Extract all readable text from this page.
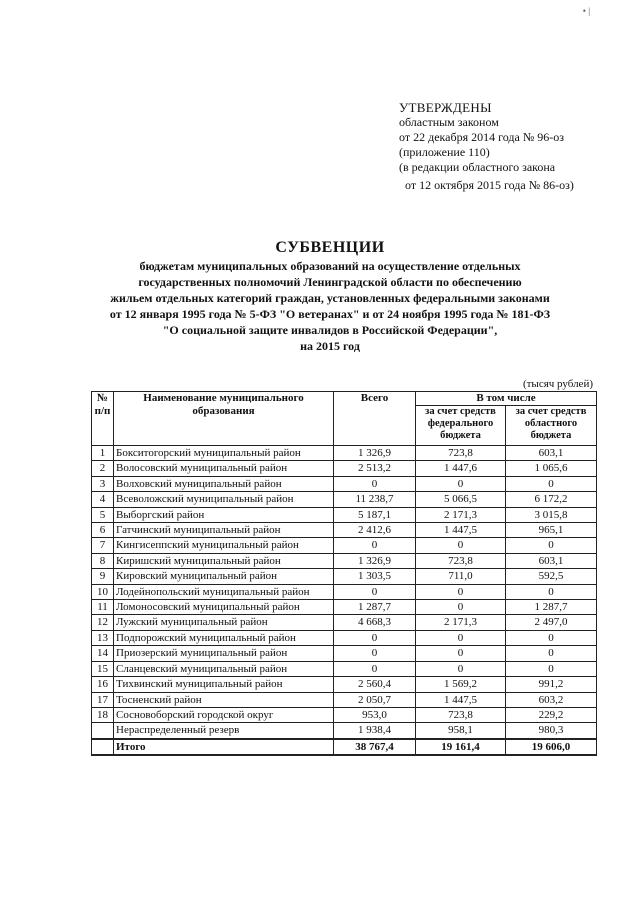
• |
УТВЕРЖДЕНЫ
областным законом
от 22 декабря 2014 года № 96-оз
(приложение 110)
(в редакции областного закона
от 12 октября 2015 года № 86-оз)
СУБВЕНЦИИ
бюджетам муниципальных образований на осуществление отдельных
государственных полномочий Ленинградской области по обеспечению
жильем отдельных категорий граждан, установленных федеральными законами
от 12 января 1995 года № 5-ФЗ "О ветеранах" и от 24 ноября 1995 года № 181-ФЗ
"О социальной защите инвалидов в Российской Федерации",
на 2015 год
(тысяч рублей)
№ п/п	Наименование муниципального образования	Всего	В том числе	
			за счет средств федерального бюджета	за счет средств областного бюджета
1	Бокситогорский муниципальный район	1 326,9	723,8	603,1
2	Волосовский муниципальный район	2 513,2	1 447,6	1 065,6
3	Волховский муниципальный район	0	0	0
4	Всеволожский муниципальный район	11 238,7	5 066,5	6 172,2
5	Выборгский район	5 187,1	2 171,3	3 015,8
6	Гатчинский муниципальный район	2 412,6	1 447,5	965,1
7	Кингисеппский муниципальный район	0	0	0
8	Киришский муниципальный район	1 326,9	723,8	603,1
9	Кировский муниципальный район	1 303,5	711,0	592,5
10	Лодейнопольский муниципальный район	0	0	0
11	Ломоносовский муниципальный район	1 287,7	0	1 287,7
12	Лужский муниципальный район	4 668,3	2 171,3	2 497,0
13	Подпорожский муниципальный район	0	0	0
14	Приозерский муниципальный район	0	0	0
15	Сланцевский муниципальный район	0	0	0
16	Тихвинский муниципальный район	2 560,4	1 569,2	991,2
17	Тосненский район	2 050,7	1 447,5	603,2
18	Сосновоборский городской округ	953,0	723,8	229,2
	Нераспределенный резерв	1 938,4	958,1	980,3
	Итого	38 767,4	19 161,4	19 606,0
